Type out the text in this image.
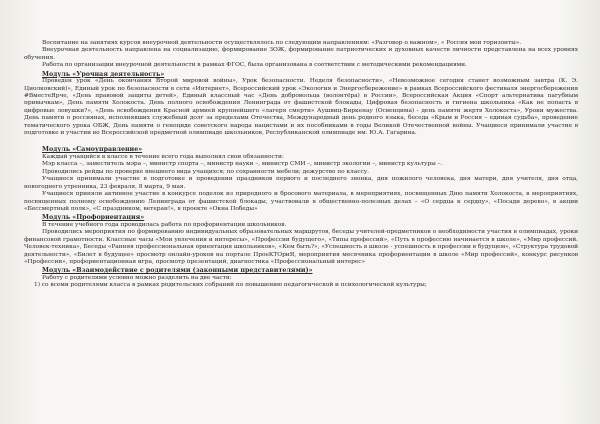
Воспитание на занятиях курсов внеурочной деятельности осуществлялось по следующим направлениям: «Разговор о важном», « Россия мои горизонты».

Внеурочная деятельность направлена на социализацию, формирование ЗОЖ, формирование патриотических и духовных качеств личности представлена на всех уровнях обучения.

Работа по организации внеурочной деятельности в рамках ФГОС, была организована в соответствии с методическими рекомендациями.

Модуль «Урочная деятельность»

Проведен урок «День окончания Второй мировой войны», Урок безопасности. Неделя безопасности», «Невозможное сегодня станет возможным завтра (К. Э. Циолковский)», Единый урок по безопасности в сети «Интернет», Всероссийский урок «Экология и Энергосбережение» в рамках Всероссийского фестиваля энергосбережения #ВместеЯрче, «День правовой защиты детей», Единый классный час «День добровольца (волонтёра) в России», Всероссийская Акция «Спорт альтернатива пагубным привычкам», День памяти Холокоста. День полного освобождения Ленинграда от фашистской блокады, Цифровая безопасность и гигиена школьника «Как не попасть в цифровые ловушки?», «День освобождения Красной армией крупнейшего «лагеря смерти» Аушвиц-Биркенау (Освенцима) - день памяти жертв Холокоста», Уроки мужества. День памяти о россиянах, исполнявших служебный долг за пределами Отечества, Международный день родного языка, беседа «Крым и Россия – единая судьба», проведение тематического урока ОБЖ, День памяти о геноциде советского народа нацистами и их пособниками в годы Великой Отечественной войны. Учащиеся принимали участие в подготовке и участии во Всероссийской предметной олимпиаде школьников, Республиканской олимпиаде им. Ю.А. Гагарина.

Модуль «Самоуправление»

Каждый учащийся в классе в течение всего года выполнял свои обязанности:

Мэр класса –, заместитель мэра –, министр спорта –, министр науки –, министр СМИ –, министр экологии –, министр культуры –.

Проводились рейды по проверке внешнего вида учащихся; по сохранности мебели; дежурство по классу.

Учащиеся принимали участие в подготовке и проведении праздников первого и последнего звонка, дня пожилого человека, дня матери, дня учителя, дня отца, новогоднего утренника, 23 февраля, 8 марта, 9 мая.

Учащиеся приняли активное участие в конкурсе поделок из природного и бросового материала, в мероприятиях, посвященных Дню памяти Холокоста, в мероприятиях, посвященных полному освобождению Ленинграда от фашистской блокады, участвовали в общественно-полезных делах – «О сердца к сердцу», «Посади дерево», в акции «Бессмертный полк», «С праздником, ветеран!», в проекте «Окна Победы»

Модуль «Профориентация»

В течение учебного года проводилась работа по профориентации школьников.

Проводились мероприятия по формированию индивидуальных образовательных маршрутов, беседы учителей-предметников о необходимости участия в олимпиадах, уроки финансовой грамотности. Классные часы «Мои увлечения и интересы», «Профессии будущего», «Типы профессий», «Путь в профессию начинается в школе», «Мир профессий. Человек-техника», Беседы «Ранняя профессиональная ориентация школьников», «Кем быть?», «Успешность в школе - успешность в профессии в будущем», «Структура трудовой деятельности», «Билет в будущее» просмотр онлайн-уроков на портале ПроеКТОриЯ, мероприятия месячника профориентации в школе «Мир профессий», конкурс рисунков «Профессии», профориентационная игра, просмотр презентаций, диагностика «Профессиональный интерес»

Модуль «Взаимодействие с родителями (законными представителями)»

Работу с родителями условно можно разделить на две части:

1) со всеми родителями класса в рамках родительских собраний по повышению педагогической и психологической культуры;
